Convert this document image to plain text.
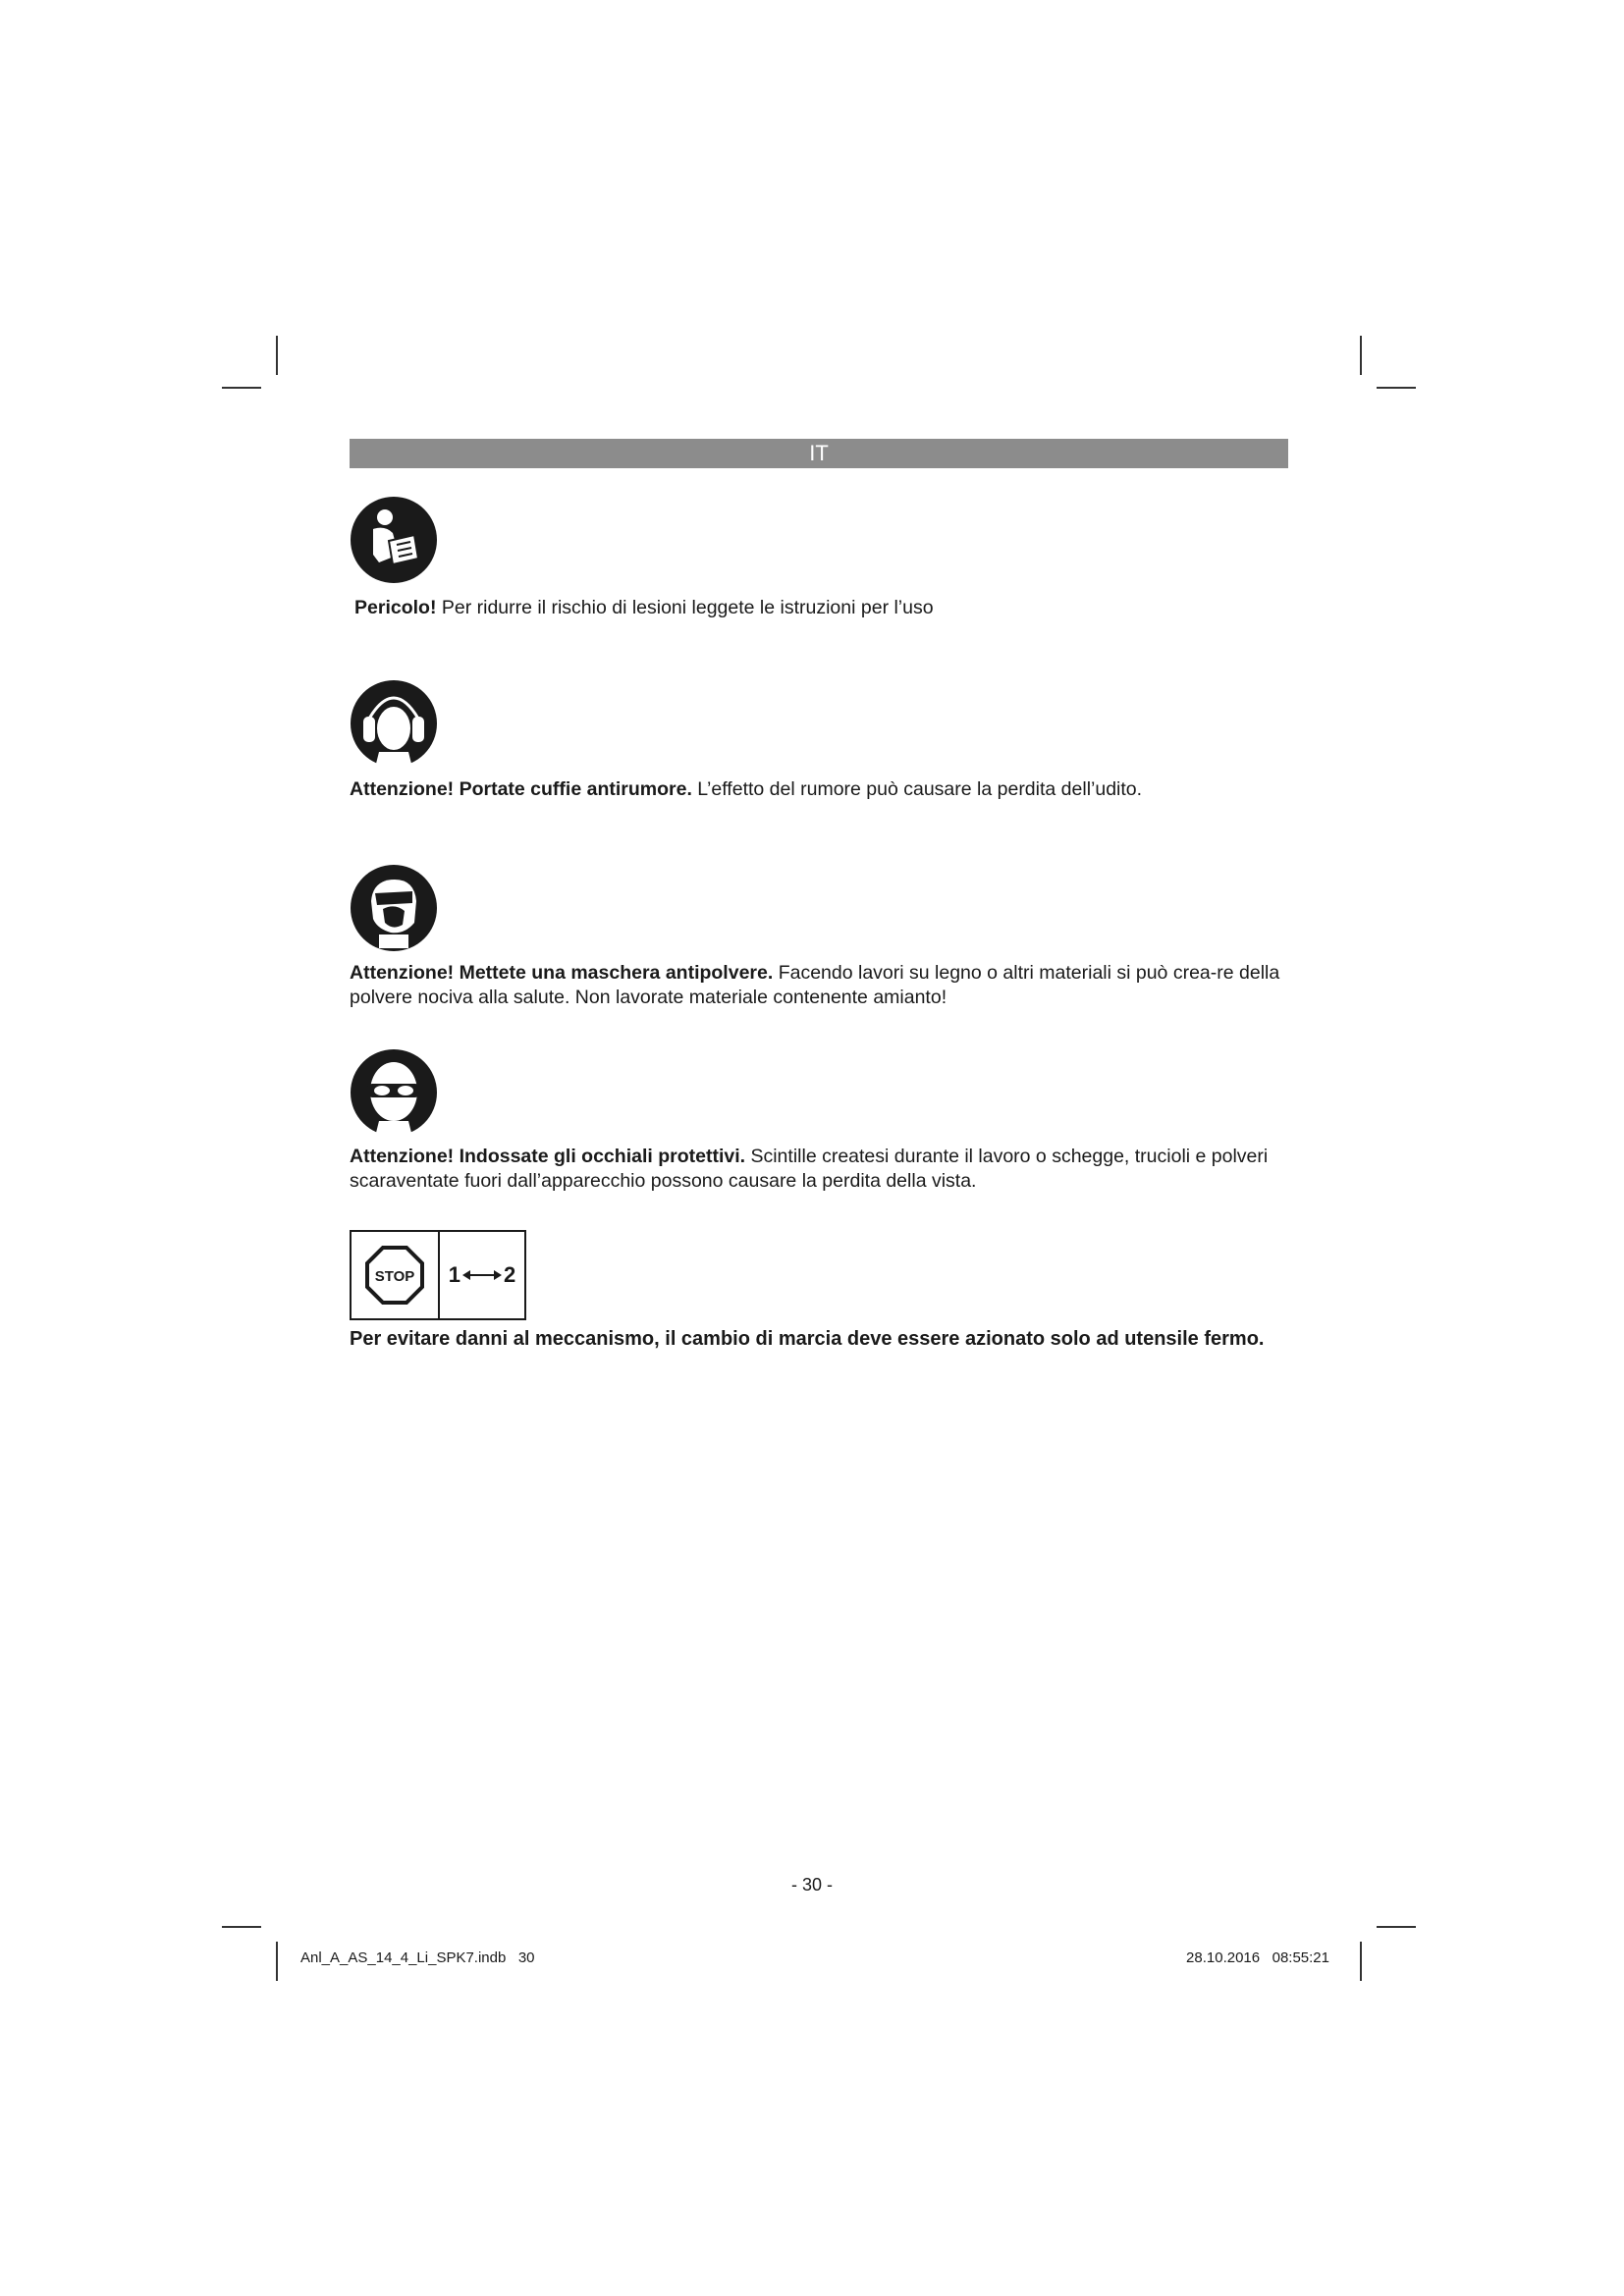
IT
Pericolo! Per ridurre il rischio di lesioni leggete le istruzioni per l’uso
Attenzione! Portate cuffie antirumore. L’effetto del rumore può causare la perdita dell’udito.
Attenzione! Mettete una maschera antipolvere. Facendo lavori su legno o altri materiali si può crea-re della polvere nociva alla salute. Non lavorate materiale contenente amianto!
Attenzione! Indossate gli occhiali protettivi. Scintille createsi durante il lavoro o schegge, trucioli e polveri scaraventate fuori dall’apparecchio possono causare la perdita della vista.
STOP 1 2
Per evitare danni al meccanismo, il cambio di marcia deve essere azionato solo ad utensile fermo.
- 30 -
Anl_A_AS_14_4_Li_SPK7.indb   30	28.10.2016   08:55:21
